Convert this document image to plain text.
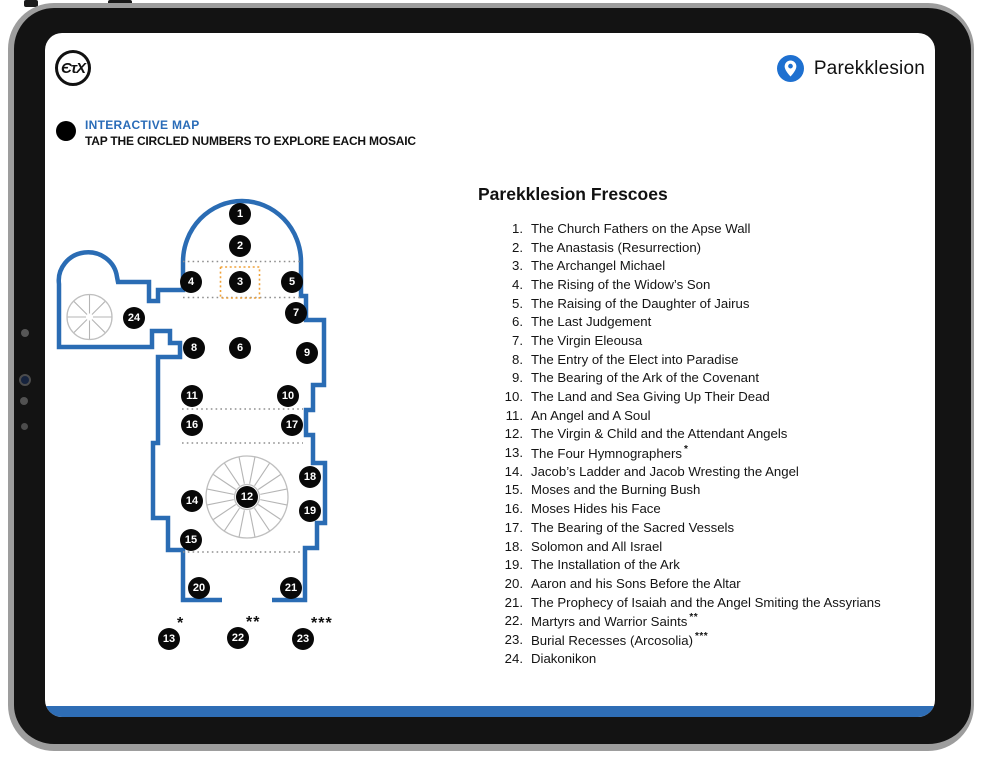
ЄτΧ	Parekklesion
INTERACTIVE MAP
TAP THE CIRCLED NUMBERS TO EXPLORE EACH MOSAIC
1
2
3
4	5
6
7
8	9
10
11
12
13
*
14
15
16	17
18
19
20	21
22
**
23
***
24
Parekklesion Frescoes
1. The Church Fathers on the Apse Wall
2. The Anastasis (Resurrection)
3. The Archangel Michael
4. The Rising of the Widow’s Son
5. The Raising of the Daughter of Jairus
6. The Last Judgement
7. The Virgin Eleousa
8. The Entry of the Elect into Paradise
9. The Bearing of the Ark of the Covenant
10. The Land and Sea Giving Up Their Dead
11. An Angel and A Soul
12. The Virgin & Child and the Attendant Angels
13. The Four Hymnographers *
14. Jacob’s Ladder and Jacob Wresting the Angel
15. Moses and the Burning Bush
16. Moses Hides his Face
17. The Bearing of the Sacred Vessels
18. Solomon and All Israel
19. The Installation of the Ark
20. Aaron and his Sons Before the Altar
21. The Prophecy of Isaiah and the Angel Smiting the Assyrians
22. Martyrs and Warrior Saints **
23. Burial Recesses (Arcosolia) ***
24. Diakonikon
